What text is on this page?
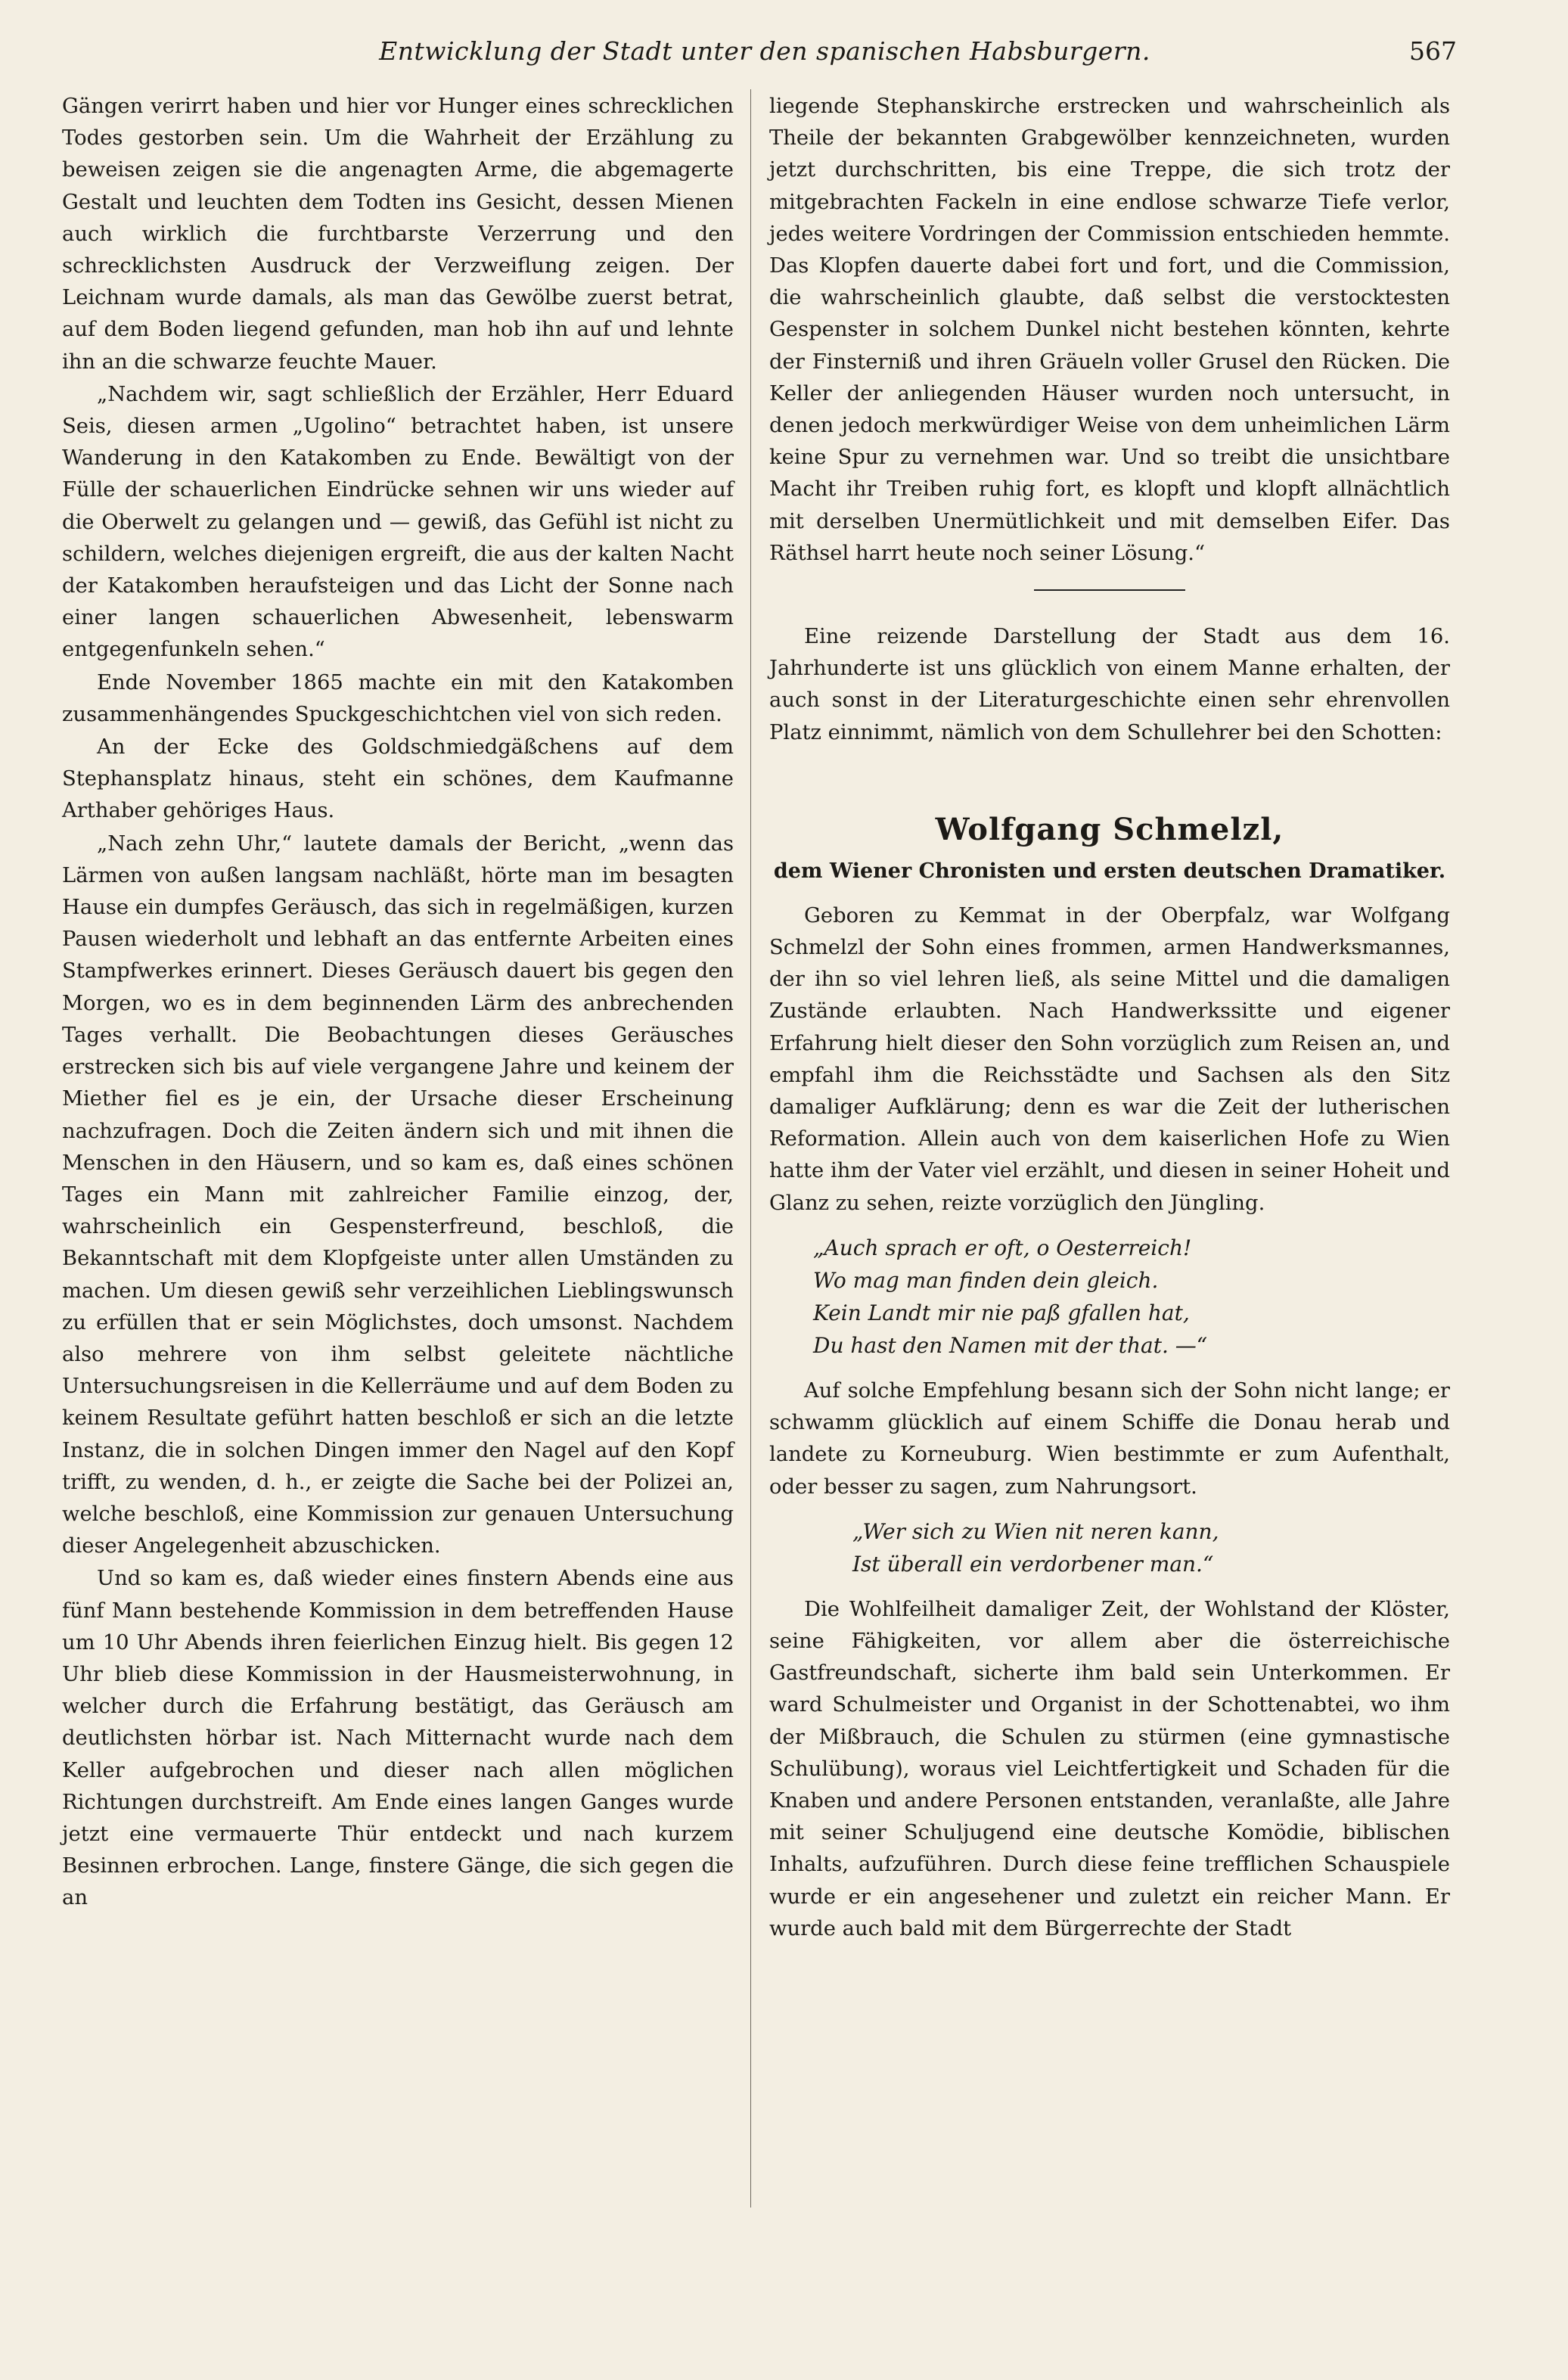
Entwicklung der Stadt unter den spanischen Habsburgern.	567

Gängen verirrt haben und hier vor Hunger eines schrecklichen Todes gestorben sein. Um die Wahrheit der Erzählung zu beweisen zeigen sie die angenagten Arme, die abgemagerte Gestalt und leuchten dem Todten ins Gesicht, dessen Mienen auch wirklich die furchtbarste Verzerrung und den schrecklichsten Ausdruck der Verzweiflung zeigen. Der Leichnam wurde damals, als man das Gewölbe zuerst betrat, auf dem Boden liegend gefunden, man hob ihn auf und lehnte ihn an die schwarze feuchte Mauer.

„Nachdem wir, sagt schließlich der Erzähler, Herr Eduard Seis, diesen armen „Ugolino“ betrachtet haben, ist unsere Wanderung in den Katakomben zu Ende. Bewältigt von der Fülle der schauerlichen Eindrücke sehnen wir uns wieder auf die Oberwelt zu gelangen und — gewiß, das Gefühl ist nicht zu schildern, welches diejenigen ergreift, die aus der kalten Nacht der Katakomben heraufsteigen und das Licht der Sonne nach einer langen schauerlichen Abwesenheit, lebenswarm entgegenfunkeln sehen.“

Ende November 1865 machte ein mit den Katakomben zusammenhängendes Spuckgeschichtchen viel von sich reden.

An der Ecke des Goldschmiedgäßchens auf dem Stephansplatz hinaus, steht ein schönes, dem Kaufmanne Arthaber gehöriges Haus.

„Nach zehn Uhr,“ lautete damals der Bericht, „wenn das Lärmen von außen langsam nachläßt, hörte man im besagten Hause ein dumpfes Geräusch, das sich in regelmäßigen, kurzen Pausen wiederholt und lebhaft an das entfernte Arbeiten eines Stampfwerkes erinnert. Dieses Geräusch dauert bis gegen den Morgen, wo es in dem beginnenden Lärm des anbrechenden Tages verhallt. Die Beobachtungen dieses Geräusches erstrecken sich bis auf viele vergangene Jahre und keinem der Miether fiel es je ein, der Ursache dieser Erscheinung nachzufragen. Doch die Zeiten ändern sich und mit ihnen die Menschen in den Häusern, und so kam es, daß eines schönen Tages ein Mann mit zahlreicher Familie einzog, der, wahrscheinlich ein Gespensterfreund, beschloß, die Bekanntschaft mit dem Klopfgeiste unter allen Umständen zu machen. Um diesen gewiß sehr verzeihlichen Lieblingswunsch zu erfüllen that er sein Möglichstes, doch umsonst. Nachdem also mehrere von ihm selbst geleitete nächtliche Untersuchungsreisen in die Kellerräume und auf dem Boden zu keinem Resultate geführt hatten beschloß er sich an die letzte Instanz, die in solchen Dingen immer den Nagel auf den Kopf trifft, zu wenden, d. h., er zeigte die Sache bei der Polizei an, welche beschloß, eine Kommission zur genauen Untersuchung dieser Angelegenheit abzuschicken.

Und so kam es, daß wieder eines finstern Abends eine aus fünf Mann bestehende Kommission in dem betreffenden Hause um 10 Uhr Abends ihren feierlichen Einzug hielt. Bis gegen 12 Uhr blieb diese Kommission in der Hausmeisterwohnung, in welcher durch die Erfahrung bestätigt, das Geräusch am deutlichsten hörbar ist. Nach Mitternacht wurde nach dem Keller aufgebrochen und dieser nach allen möglichen Richtungen durchstreift. Am Ende eines langen Ganges wurde jetzt eine vermauerte Thür entdeckt und nach kurzem Besinnen erbrochen. Lange, finstere Gänge, die sich gegen die an

liegende Stephanskirche erstrecken und wahrscheinlich als Theile der bekannten Grabgewölber kennzeichneten, wurden jetzt durchschritten, bis eine Treppe, die sich trotz der mitgebrachten Fackeln in eine endlose schwarze Tiefe verlor, jedes weitere Vordringen der Commission entschieden hemmte. Das Klopfen dauerte dabei fort und fort, und die Commission, die wahrscheinlich glaubte, daß selbst die verstocktesten Gespenster in solchem Dunkel nicht bestehen könnten, kehrte der Finsterniß und ihren Gräueln voller Grusel den Rücken. Die Keller der anliegenden Häuser wurden noch untersucht, in denen jedoch merkwürdiger Weise von dem unheimlichen Lärm keine Spur zu vernehmen war. Und so treibt die unsichtbare Macht ihr Treiben ruhig fort, es klopft und klopft allnächtlich mit derselben Unermütlichkeit und mit demselben Eifer. Das Räthsel harrt heute noch seiner Lösung.“

Eine reizende Darstellung der Stadt aus dem 16. Jahrhunderte ist uns glücklich von einem Manne erhalten, der auch sonst in der Literaturgeschichte einen sehr ehrenvollen Platz einnimmt, nämlich von dem Schullehrer bei den Schotten:

Wolfgang Schmelzl,
dem Wiener Chronisten und ersten deutschen Dramatiker.

Geboren zu Kemmat in der Oberpfalz, war Wolfgang Schmelzl der Sohn eines frommen, armen Handwerksmannes, der ihn so viel lehren ließ, als seine Mittel und die damaligen Zustände erlaubten. Nach Handwerkssitte und eigener Erfahrung hielt dieser den Sohn vorzüglich zum Reisen an, und empfahl ihm die Reichsstädte und Sachsen als den Sitz damaliger Aufklärung; denn es war die Zeit der lutherischen Reformation. Allein auch von dem kaiserlichen Hofe zu Wien hatte ihm der Vater viel erzählt, und diesen in seiner Hoheit und Glanz zu sehen, reizte vorzüglich den Jüngling.

„Auch sprach er oft, o Oesterreich!
Wo mag man finden dein gleich.
Kein Landt mir nie paß gfallen hat,
Du hast den Namen mit der that. —“

Auf solche Empfehlung besann sich der Sohn nicht lange; er schwamm glücklich auf einem Schiffe die Donau herab und landete zu Korneuburg. Wien bestimmte er zum Aufenthalt, oder besser zu sagen, zum Nahrungsort.

„Wer sich zu Wien nit neren kann,
Ist überall ein verdorbener man.“

Die Wohlfeilheit damaliger Zeit, der Wohlstand der Klöster, seine Fähigkeiten, vor allem aber die österreichische Gastfreundschaft, sicherte ihm bald sein Unterkommen. Er ward Schulmeister und Organist in der Schottenabtei, wo ihm der Mißbrauch, die Schulen zu stürmen (eine gymnastische Schulübung), woraus viel Leichtfertigkeit und Schaden für die Knaben und andere Personen entstanden, veranlaßte, alle Jahre mit seiner Schuljugend eine deutsche Komödie, biblischen Inhalts, aufzuführen. Durch diese feine trefflichen Schauspiele wurde er ein angesehener und zuletzt ein reicher Mann. Er wurde auch bald mit dem Bürgerrechte der Stadt
